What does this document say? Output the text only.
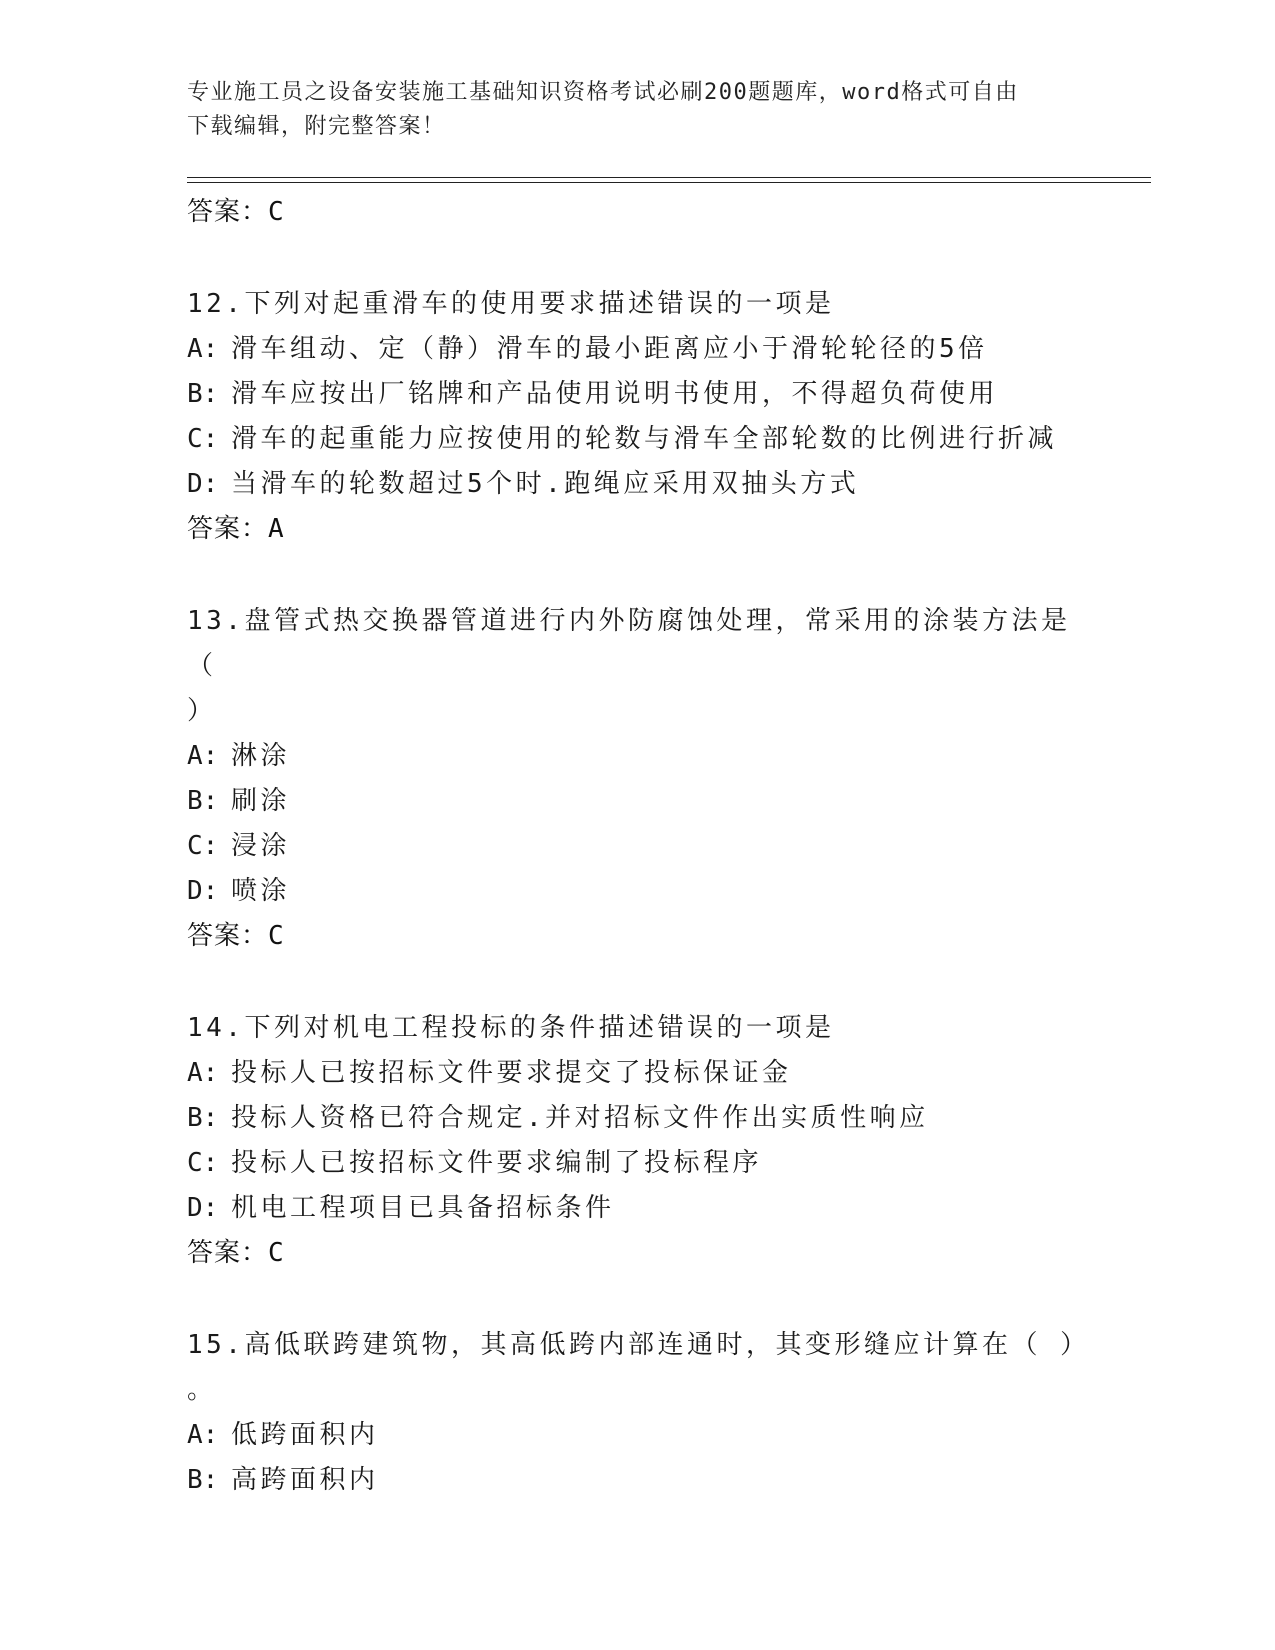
专业施工员之设备安装施工基础知识资格考试必刷200题题库，word格式可自由
下载编辑，附完整答案！
答案：C
12.下列对起重滑车的使用要求描述错误的一项是
A: 滑车组动、定（静）滑车的最小距离应小于滑轮轮径的5倍
B: 滑车应按出厂铭牌和产品使用说明书使用，不得超负荷使用
C: 滑车的起重能力应按使用的轮数与滑车全部轮数的比例进行折减
D: 当滑车的轮数超过5个时.跑绳应采用双抽头方式
答案：A
13.盘管式热交换器管道进行内外防腐蚀处理，常采用的涂装方法是（
）
A: 淋涂
B: 刷涂
C: 浸涂
D: 喷涂
答案：C
14.下列对机电工程投标的条件描述错误的一项是
A: 投标人已按招标文件要求提交了投标保证金
B: 投标人资格已符合规定.并对招标文件作出实质性响应
C: 投标人已按招标文件要求编制了投标程序
D: 机电工程项目已具备招标条件
答案：C
15.高低联跨建筑物，其高低跨内部连通时，其变形缝应计算在（ ）
。
A: 低跨面积内
B: 高跨面积内
